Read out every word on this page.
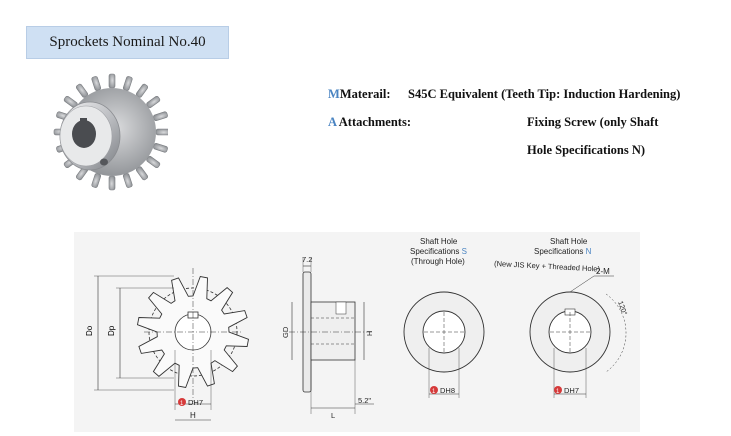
Sprockets Nominal No.40
MMaterail: S45C Equivalent (Teeth Tip: Induction Hardening)
A Attachments:	Fixing Screw (only Shaft
Hole Specifications N)
Do Dp
1 DH7
H
7.2
GD	H
L
5.2"
Shaft Hole
Specifications S
(Through Hole)
1 DH8
Shaft Hole
Specifications N
(New JIS Key + Threaded Hole)
2-M
120°
1 DH7
